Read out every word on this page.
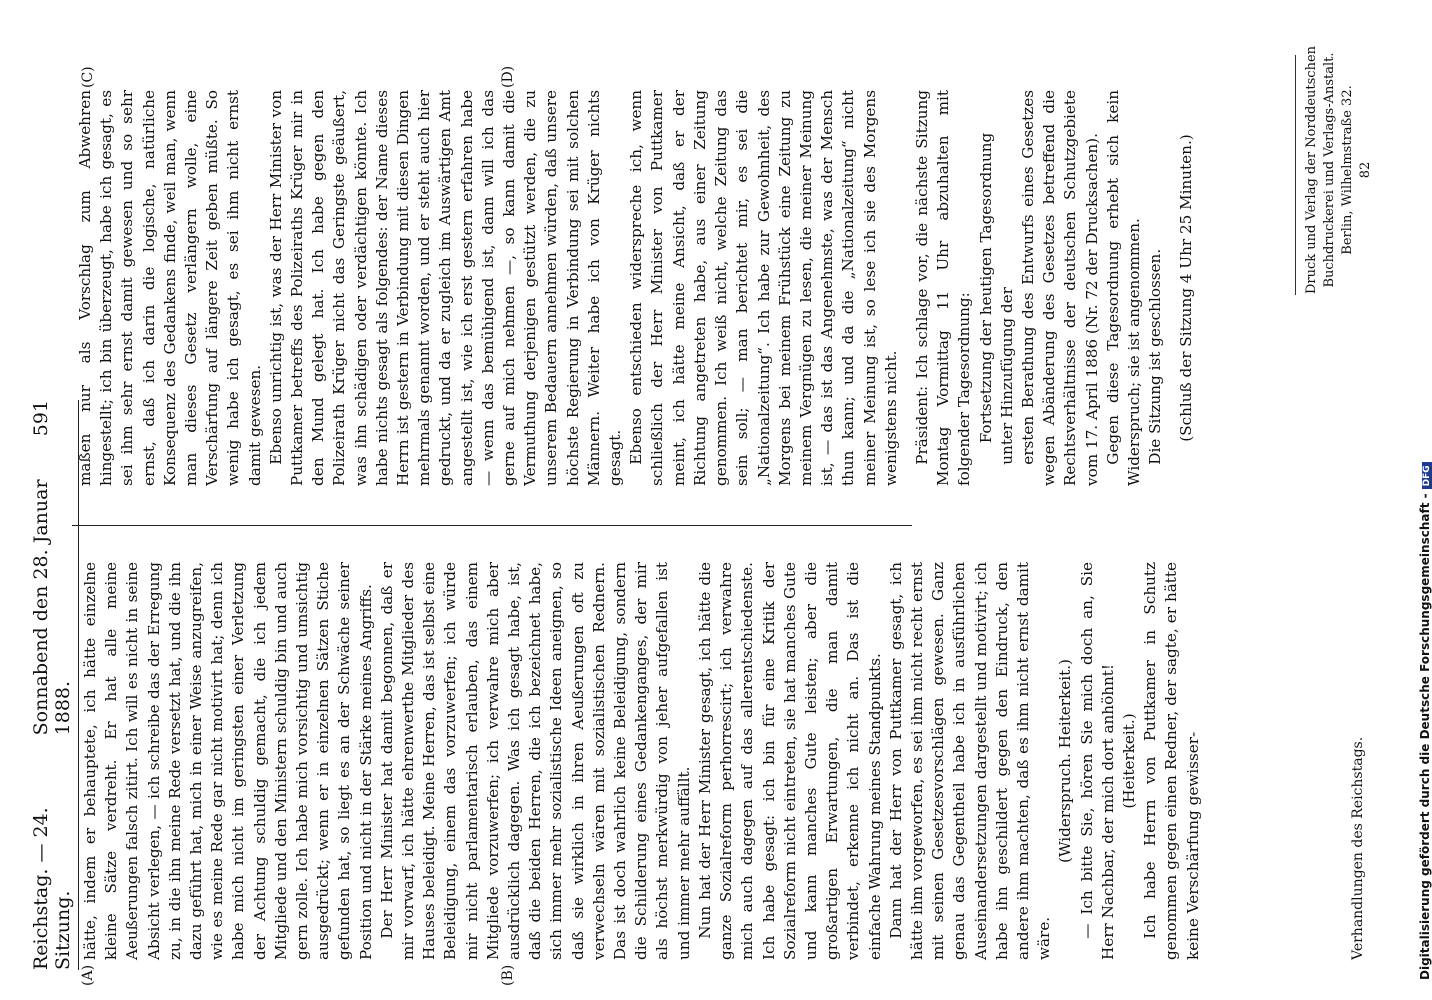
Reichstag. — 24. Sitzung.
Sonnabend den 28. Januar 1888.
591
(A)	(B)
(C)	(D)

hätte, indem er behauptete, ich hätte einzelne kleine Sätze verdreht. Er hat alle meine Aeußerungen falsch zitirt. Ich will es nicht in seine Absicht verlegen, — ich schreibe das der Erregung zu, in die ihn meine Rede versetzt hat, und die ihn dazu geführt hat, mich in einer Weise anzugreifen, wie es meine Rede gar nicht motivirt hat; denn ich habe mich nicht im geringsten einer Verletzung der Achtung schuldig gemacht, die ich jedem Mitgliede und den Ministern schuldig bin und auch gern zolle. Ich habe mich vorsichtig und umsichtig ausgedrückt; wenn er in einzelnen Sätzen Stiche gefunden hat, so liegt es an der Schwäche seiner Position und nicht in der Stärke meines Angriffs. Der Herr Minister hat damit begonnen, daß er mir vorwarf, ich hätte ehrenwerthe Mitglieder des Hauses beleidigt. Meine Herren, das ist selbst eine Beleidigung, einem das vorzuwerfen; ich würde mir nicht parlamentarisch erlauben, das einem Mitgliede vorzuwerfen; ich verwahre mich aber ausdrücklich dagegen. Was ich gesagt habe, ist, daß die beiden Herren, die ich bezeichnet habe, sich immer mehr sozialistische Ideen aneignen, so daß sie wirklich in ihren Aeußerungen oft zu verwechseln wären mit sozialistischen Rednern. Das ist doch wahrlich keine Beleidigung, sondern die Schilderung eines Gedankenganges, der mir als höchst merkwürdig von jeher aufgefallen ist und immer mehr auffällt. Nun hat der Herr Minister gesagt, ich hätte die ganze Sozialreform perhorrescirt; ich verwahre mich auch dagegen auf das allerentschiedenste. Ich habe gesagt: ich bin für eine Kritik der Sozialreform nicht eintreten, sie hat manches Gute und kann manches Gute leisten; aber die großartigen Erwartungen, die man damit verbindet, erkenne ich nicht an. Das ist die einfache Wahrung meines Standpunkts. Dann hat der Herr von Puttkamer gesagt, ich hätte ihm vorgeworfen, es sei ihm nicht recht ernst mit seinen Gesetzesvorschlägen gewesen. Ganz genau das Gegentheil habe ich in ausführlichen Auseinandersetzungen dargestellt und motivirt; ich habe ihn geschildert gegen den Eindruck, den andere ihm machten, daß es ihm nicht ernst damit wäre.

(Widerspruch. Heiterkeit.) — Ich bitte Sie, hören Sie mich doch an, Sie Herr Nachbar, der mich dort anhöhnt! (Heiterkeit.) Ich habe Herrn von Puttkamer in Schutz genommen gegen einen Redner, der sagte, er hätte keine Verschärfung gewisser-

maßen nur als Vorschlag zum Abwehren hingestellt; ich bin überzeugt, habe ich gesagt, es sei ihm sehr ernst damit gewesen und so sehr ernst, daß ich darin die logische, natürliche Konsequenz des Gedankens finde, weil man, wenn man dieses Gesetz verlängern wolle, eine Verschärfung auf längere Zeit geben müßte. So wenig habe ich gesagt, es sei ihm nicht ernst damit gewesen. Ebenso unrichtig ist, was der Herr Minister von Puttkamer betreffs des Polizeiraths Krüger mir in den Mund gelegt hat. Ich habe gegen den Polizeirath Krüger nicht das Geringste geäußert, was ihn schädigen oder verdächtigen könnte. Ich habe nichts gesagt als folgendes: der Name dieses Herrn ist gestern in Verbindung mit diesen Dingen mehrmals genannt worden, und er steht auch hier gedruckt, und da er zugleich im Auswärtigen Amt angestellt ist, wie ich erst gestern erfahren habe — wenn das bemühigend ist, dann will ich das gerne auf mich nehmen —, so kann damit die Vermuthung derjenigen gestützt werden, die zu unserem Bedauern annehmen würden, daß unsere höchste Regierung in Verbindung sei mit solchen Männern. Weiter habe ich von Krüger nichts gesagt. Ebenso entschieden widerspreche ich, wenn schließlich der Herr Minister von Puttkamer meint, ich hätte meine Ansicht, daß er der Richtung angetreten habe, aus einer Zeitung genommen. Ich weiß nicht, welche Zeitung das sein soll; — man berichtet mir, es sei die „Nationalzeitung“. Ich habe zur Gewohnheit, des Morgens bei meinem Frühstück eine Zeitung zu meinem Vergnügen zu lesen, die meiner Meinung ist, — das ist das Angenehmste, was der Mensch thun kann; und da die „Nationalzeitung“ nicht meiner Meinung ist, so lese ich sie des Morgens wenigstens nicht. Präsident: Ich schlage vor, die nächste Sitzung Montag Vormittag 11 Uhr abzuhalten mit folgender Tagesordnung: Fortsetzung der heutigen Tagesordnung unter Hinzufügung der ersten Berathung des Entwurfs eines Gesetzes wegen Abänderung des Gesetzes betreffend die Rechtsverhältnisse der deutschen Schutzgebiete vom 17. April 1886 (Nr. 72 der Drucksachen). Gegen diese Tagesordnung erhebt sich kein Widerspruch; sie ist angenommen. Die Sitzung ist geschlossen. (Schluß der Sitzung 4 Uhr 25 Minuten.)

Verhandlungen des Reichstags.
Druck und Verlag der Norddeutschen Buchdruckerei und Verlags-Anstalt. Berlin, Wilhelmstraße 32. 82
Digitalisierung gefördert durch die Deutsche Forschungsgemeinschaft -DFG
